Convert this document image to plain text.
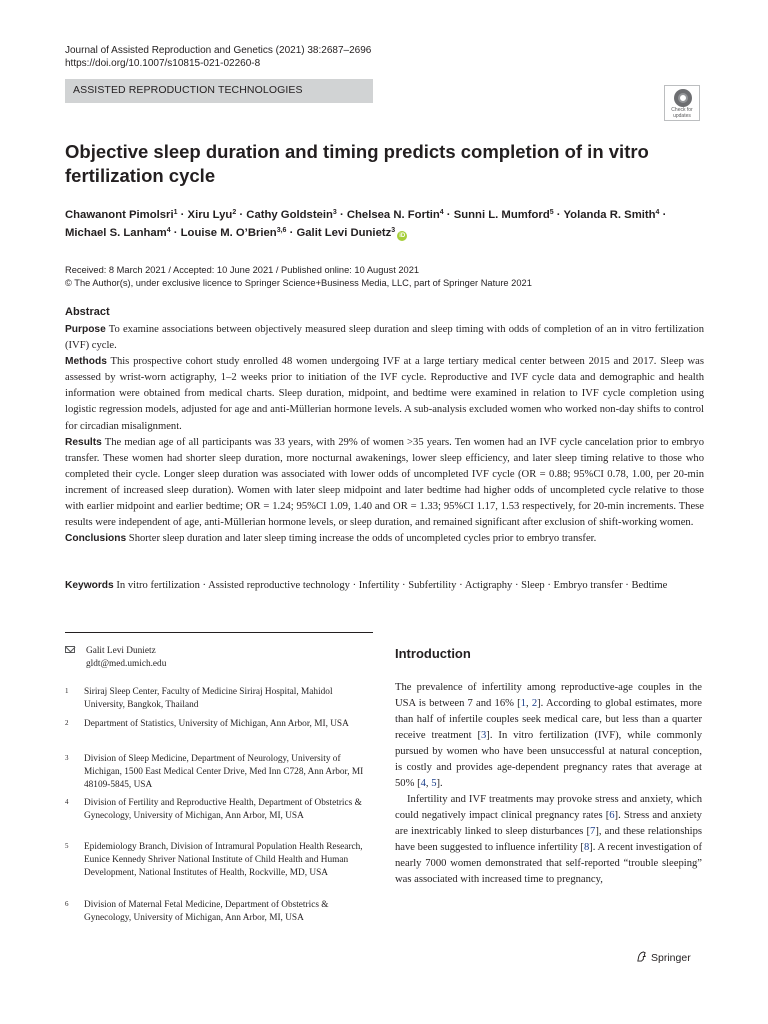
Journal of Assisted Reproduction and Genetics (2021) 38:2687–2696
https://doi.org/10.1007/s10815-021-02260-8
ASSISTED REPRODUCTION TECHNOLOGIES
Check for
updates
Objective sleep duration and timing predicts completion of in vitro
fertilization cycle
Chawanont Pimolsri$^1$ · Xiru Lyu$^2$ · Cathy Goldstein$^3$ · Chelsea N. Fortin$^4$ · Sunni L. Mumford$^5$ · Yolanda R. Smith$^4$ ·
Michael S. Lanham$^4$ · Louise M. O’Brien$^{3,6}$ · Galit Levi Dunietz$^3$iD
Received: 8 March 2021 / Accepted: 10 June 2021 / Published online: 10 August 2021
© The Author(s), under exclusive licence to Springer Science+Business Media, LLC, part of Springer Nature 2021
Abstract

Purpose To examine associations between objectively measured sleep duration and sleep timing with odds of completion of an in vitro fertilization (IVF) cycle.

Methods This prospective cohort study enrolled 48 women undergoing IVF at a large tertiary medical center between 2015 and 2017. Sleep was assessed by wrist-worn actigraphy, 1–2 weeks prior to initiation of the IVF cycle. Reproductive and IVF cycle data and demographic and health information were obtained from medical charts. Sleep duration, midpoint, and bedtime were examined in relation to IVF cycle completion using logistic regression models, adjusted for age and anti-Müllerian hormone levels. A sub-analysis excluded women who worked non-day shifts to control for circadian misalignment.

Results The median age of all participants was 33 years, with 29% of women >35 years. Ten women had an IVF cycle cancelation prior to embryo transfer. These women had shorter sleep duration, more nocturnal awakenings, lower sleep efficiency, and later sleep timing relative to those who completed their cycle. Longer sleep duration was associated with lower odds of uncompleted IVF cycle (OR = 0.88; 95%CI 0.78, 1.00, per 20-min increment of increased sleep duration). Women with later sleep midpoint and later bedtime had higher odds of uncompleted cycle relative to those with earlier midpoint and earlier bedtime; OR = 1.24; 95%CI 1.09, 1.40 and OR = 1.33; 95%CI 1.17, 1.53 respectively, for 20-min increments. These results were independent of age, anti-Müllerian hormone levels, or sleep duration, and remained significant after exclusion of shift-working women.

Conclusions Shorter sleep duration and later sleep timing increase the odds of uncompleted cycles prior to embryo transfer.

Keywords In vitro fertilization · Assisted reproductive technology · Infertility · Subfertility · Actigraphy · Sleep · Embryo transfer · Bedtime
Galit Levi Dunietz
gldt@med.umich.edu
1 Siriraj Sleep Center, Faculty of Medicine Siriraj Hospital, Mahidol University, Bangkok, Thailand
2 Department of Statistics, University of Michigan, Ann Arbor, MI, USA
3 Division of Sleep Medicine, Department of Neurology, University of Michigan, 1500 East Medical Center Drive, Med Inn C728, Ann Arbor, MI 48109-5845, USA
4 Division of Fertility and Reproductive Health, Department of Obstetrics & Gynecology, University of Michigan, Ann Arbor, MI, USA
5 Epidemiology Branch, Division of Intramural Population Health Research, Eunice Kennedy Shriver National Institute of Child Health and Human Development, National Institutes of Health, Rockville, MD, USA
6 Division of Maternal Fetal Medicine, Department of Obstetrics & Gynecology, University of Michigan, Ann Arbor, MI, USA
Introduction

The prevalence of infertility among reproductive-age couples in the USA is between 7 and 16% [1, 2]. According to global estimates, more than half of infertile couples seek medical care, but less than a quarter receive treatment [3]. In vitro fertilization (IVF), while commonly pursued by women who have been unsuccessful at natural conception, is costly and provides age-dependent pregnancy rates that average at 50% [4, 5].

Infertility and IVF treatments may provoke stress and anxiety, which could negatively impact clinical pregnancy rates [6]. Stress and anxiety are inextricably linked to sleep disturbances [7], and these relationships have been suggested to influence infertility [8]. A recent investigation of nearly 7000 women demonstrated that self-reported “trouble sleeping” was associated with increased time to pregnancy,

Springer
